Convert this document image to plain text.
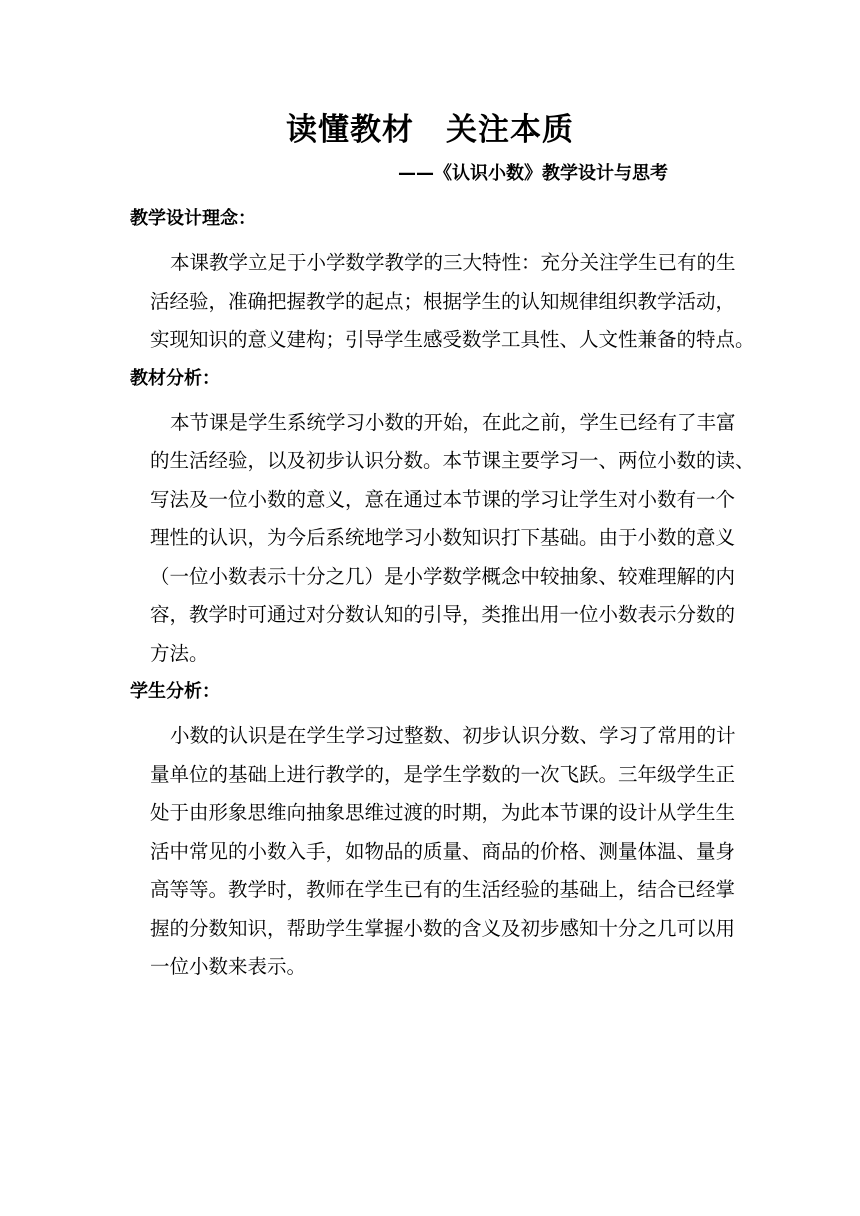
读懂教材　关注本质
——《认识小数》教学设计与思考
教学设计理念：
本课教学立足于小学数学教学的三大特性：充分关注学生已有的生
活经验，准确把握教学的起点；根据学生的认知规律组织教学活动，
实现知识的意义建构；引导学生感受数学工具性、人文性兼备的特点。
教材分析：
本节课是学生系统学习小数的开始，在此之前，学生已经有了丰富
的生活经验，以及初步认识分数。本节课主要学习一、两位小数的读、
写法及一位小数的意义，意在通过本节课的学习让学生对小数有一个
理性的认识，为今后系统地学习小数知识打下基础。由于小数的意义
（一位小数表示十分之几）是小学数学概念中较抽象、较难理解的内
容，教学时可通过对分数认知的引导，类推出用一位小数表示分数的
方法。
学生分析：
小数的认识是在学生学习过整数、初步认识分数、学习了常用的计
量单位的基础上进行教学的，是学生学数的一次飞跃。三年级学生正
处于由形象思维向抽象思维过渡的时期，为此本节课的设计从学生生
活中常见的小数入手，如物品的质量、商品的价格、测量体温、量身
高等等。教学时，教师在学生已有的生活经验的基础上，结合已经掌
握的分数知识，帮助学生掌握小数的含义及初步感知十分之几可以用
一位小数来表示。
